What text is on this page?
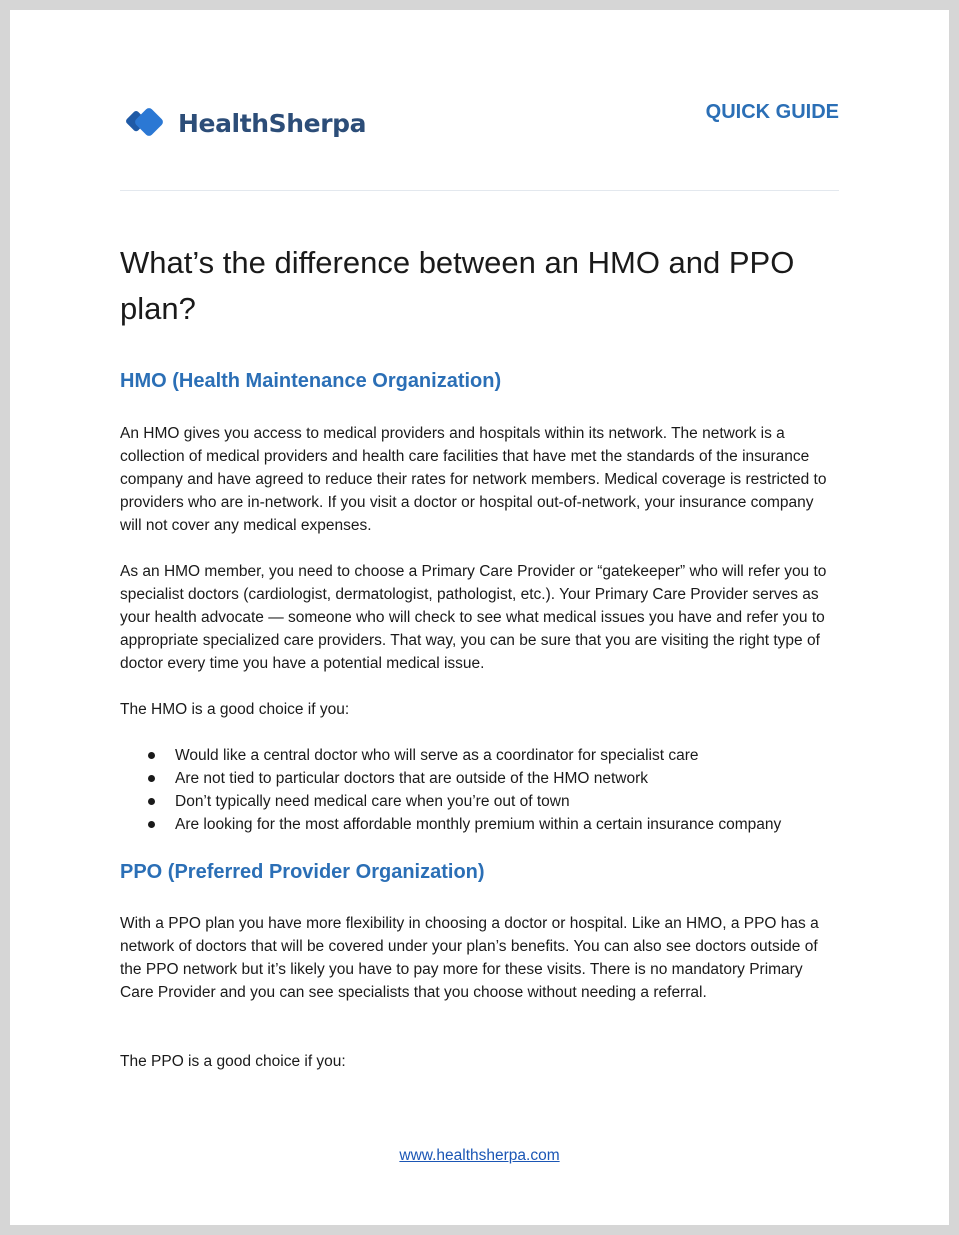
HealthSherpa	QUICK GUIDE
What’s the difference between an HMO and PPO plan?
HMO (Health Maintenance Organization)

An HMO gives you access to medical providers and hospitals within its network. The network is a collection of medical providers and health care facilities that have met the standards of the insurance company and have agreed to reduce their rates for network members. Medical coverage is restricted to providers who are in-network. If you visit a doctor or hospital out-of-network, your insurance company will not cover any medical expenses.

As an HMO member, you need to choose a Primary Care Provider or “gatekeeper” who will refer you to specialist doctors (cardiologist, dermatologist, pathologist, etc.). Your Primary Care Provider serves as your health advocate — someone who will check to see what medical issues you have and refer you to appropriate specialized care providers. That way, you can be sure that you are visiting the right type of doctor every time you have a potential medical issue.

The HMO is a good choice if you:

Would like a central doctor who will serve as a coordinator for specialist care
Are not tied to particular doctors that are outside of the HMO network
Don’t typically need medical care when you’re out of town
Are looking for the most affordable monthly premium within a certain insurance company
PPO (Preferred Provider Organization)

With a PPO plan you have more flexibility in choosing a doctor or hospital. Like an HMO, a PPO has a network of doctors that will be covered under your plan’s benefits. You can also see doctors outside of the PPO network but it’s likely you have to pay more for these visits. There is no mandatory Primary Care Provider and you can see specialists that you choose without needing a referral.

The PPO is a good choice if you:

www.healthsherpa.com
